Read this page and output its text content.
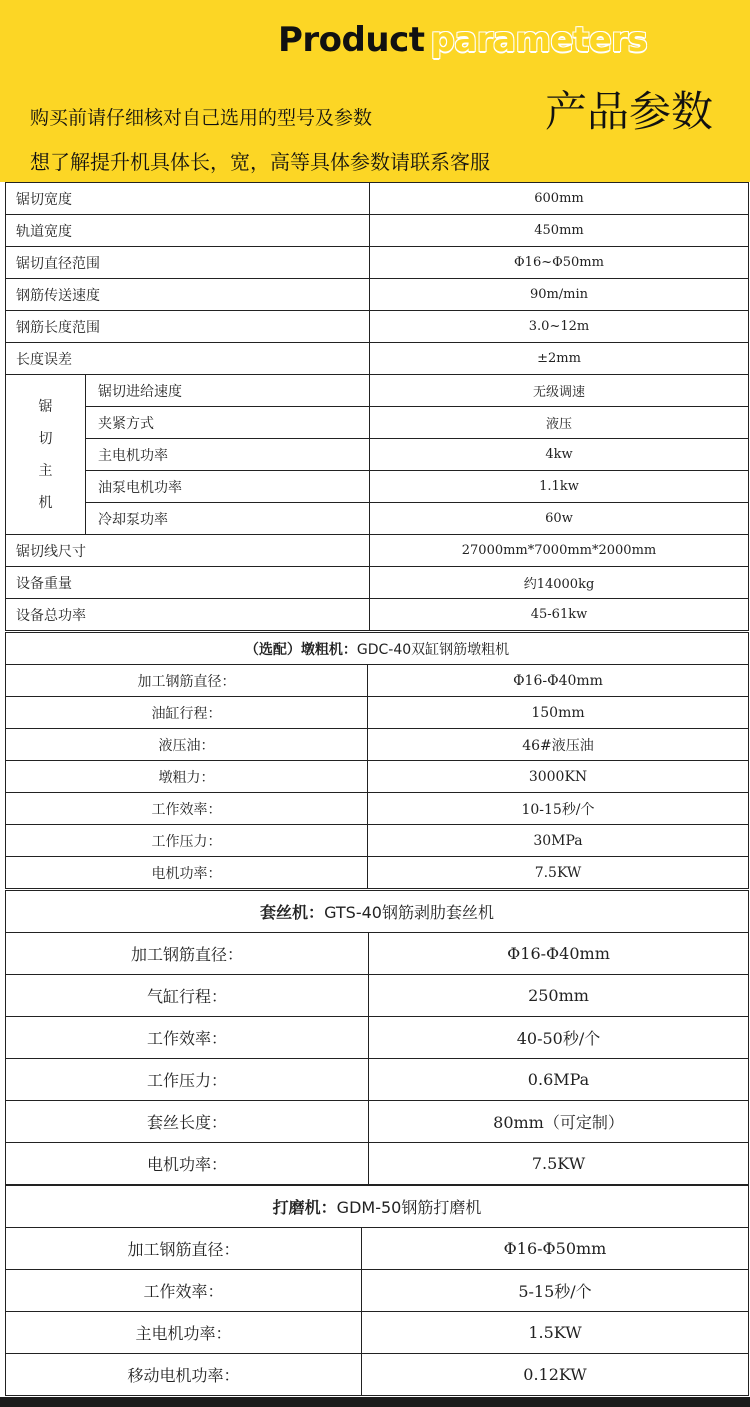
Product parameters
购买前请仔细核对自己选用的型号及参数	产品参数
想了解提升机具体长，宽，高等具体参数请联系客服
锯切宽度		600mm
轨道宽度		450mm
锯切直径范围		Φ16~Φ50mm
钢筋传送速度		90m/min
钢筋长度范围		3.0~12m
长度误差		±2mm
锯切主机	锯切进给速度	无级调速
	夹紧方式	液压
	主电机功率	4kw
	油泵电机功率	1.1kw
	冷却泵功率	60w
锯切线尺寸		27000mm*7000mm*2000mm
设备重量		约14000kg
设备总功率		45-61kw
（选配）墩粗机：GDC-40双缸钢筋墩粗机	
加工钢筋直径：	Φ16-Φ40mm
油缸行程：	150mm
液压油：	46#液压油
墩粗力：	3000KN
工作效率：	10-15秒/个
工作压力：	30MPa
电机功率：	7.5KW
套丝机：GTS-40钢筋剥肋套丝机	
加工钢筋直径：	Φ16-Φ40mm
气缸行程：	250mm
工作效率：	40-50秒/个
工作压力：	0.6MPa
套丝长度：	80mm（可定制）
电机功率：	7.5KW
打磨机：GDM-50钢筋打磨机	
加工钢筋直径：	Φ16-Φ50mm
工作效率：	5-15秒/个
主电机功率：	1.5KW
移动电机功率：	0.12KW
